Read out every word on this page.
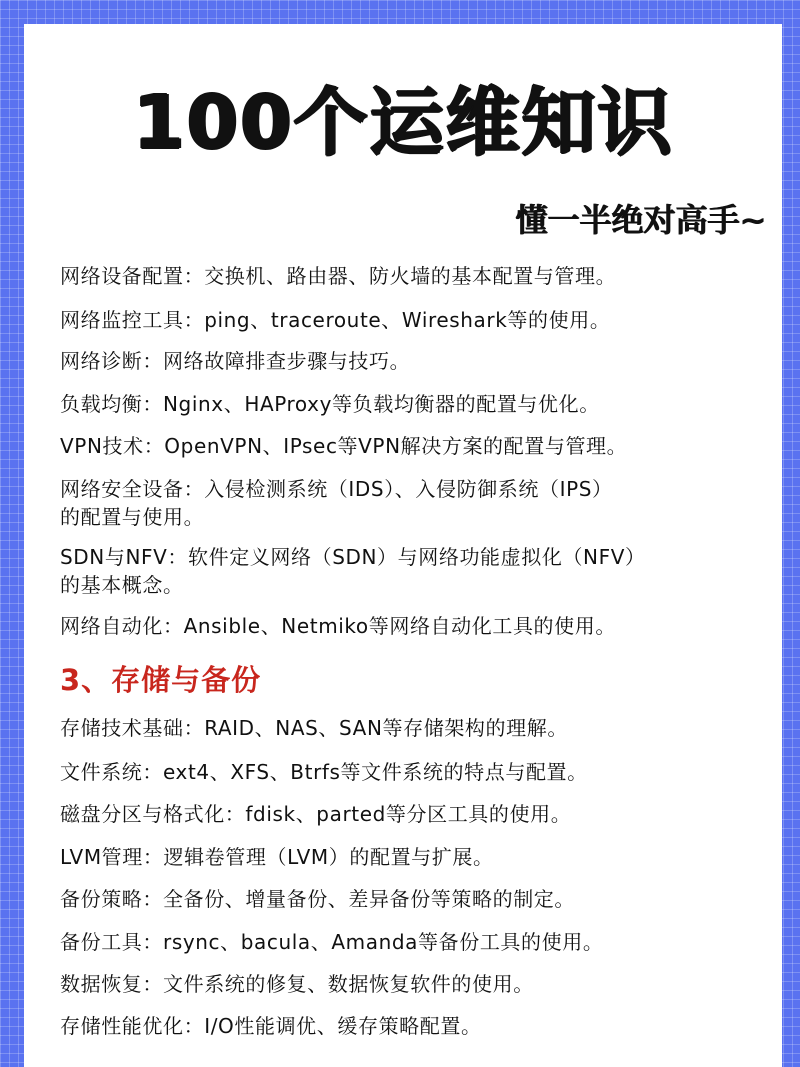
100个运维知识
懂一半绝对高手~
网络设备配置：交换机、路由器、防火墙的基本配置与管理。
网络监控工具：ping、traceroute、Wireshark等的使用。
网络诊断：网络故障排查步骤与技巧。
负载均衡：Nginx、HAProxy等负载均衡器的配置与优化。
VPN技术：OpenVPN、IPsec等VPN解决方案的配置与管理。
网络安全设备：入侵检测系统（IDS）、入侵防御系统（IPS）
的配置与使用。
SDN与NFV：软件定义网络（SDN）与网络功能虚拟化（NFV）
的基本概念。
网络自动化：Ansible、Netmiko等网络自动化工具的使用。
3、存储与备份
存储技术基础：RAID、NAS、SAN等存储架构的理解。
文件系统：ext4、XFS、Btrfs等文件系统的特点与配置。
磁盘分区与格式化：fdisk、parted等分区工具的使用。
LVM管理：逻辑卷管理（LVM）的配置与扩展。
备份策略：全备份、增量备份、差异备份等策略的制定。
备份工具：rsync、bacula、Amanda等备份工具的使用。
数据恢复：文件系统的修复、数据恢复软件的使用。
存储性能优化：I/O性能调优、缓存策略配置。
